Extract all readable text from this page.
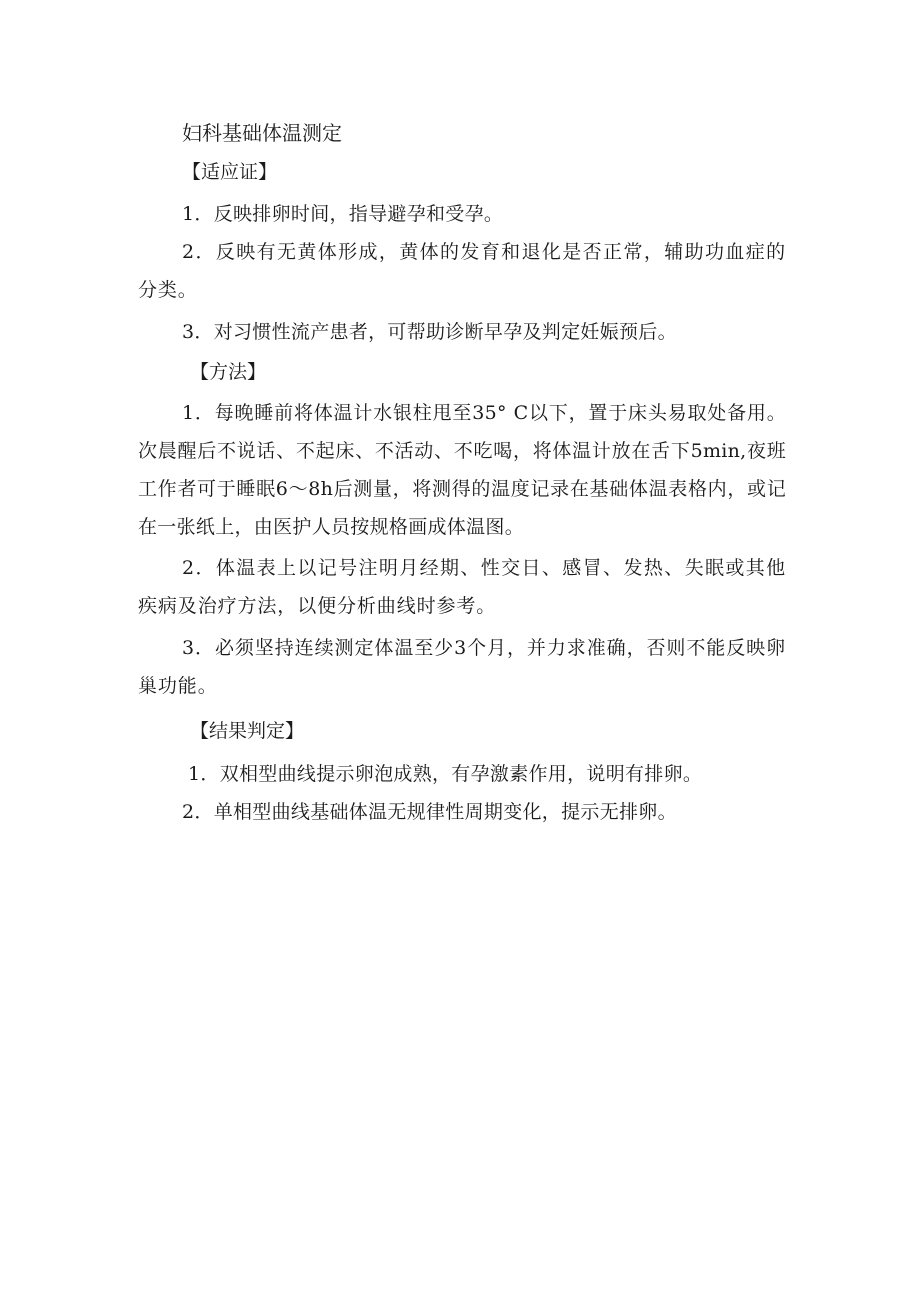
妇科基础体温测定
【适应证】
1．反映排卵时间，指导避孕和受孕。
2．反映有无黄体形成，黄体的发育和退化是否正常，辅助功血症的分类。
3．对习惯性流产患者，可帮助诊断早孕及判定妊娠预后。
【方法】
1．每晚睡前将体温计水银柱甩至35° C以下，置于床头易取处备用。次晨醒后不说话、不起床、不活动、不吃喝，将体温计放在舌下5min,夜班工作者可于睡眠6～8h后测量，将测得的温度记录在基础体温表格内，或记在一张纸上，由医护人员按规格画成体温图。
2．体温表上以记号注明月经期、性交日、感冒、发热、失眠或其他疾病及治疗方法，以便分析曲线时参考。
3．必须坚持连续测定体温至少3个月，并力求准确，否则不能反映卵巢功能。
【结果判定】
1．双相型曲线提示卵泡成熟，有孕激素作用，说明有排卵。
2．单相型曲线基础体温无规律性周期变化，提示无排卵。
